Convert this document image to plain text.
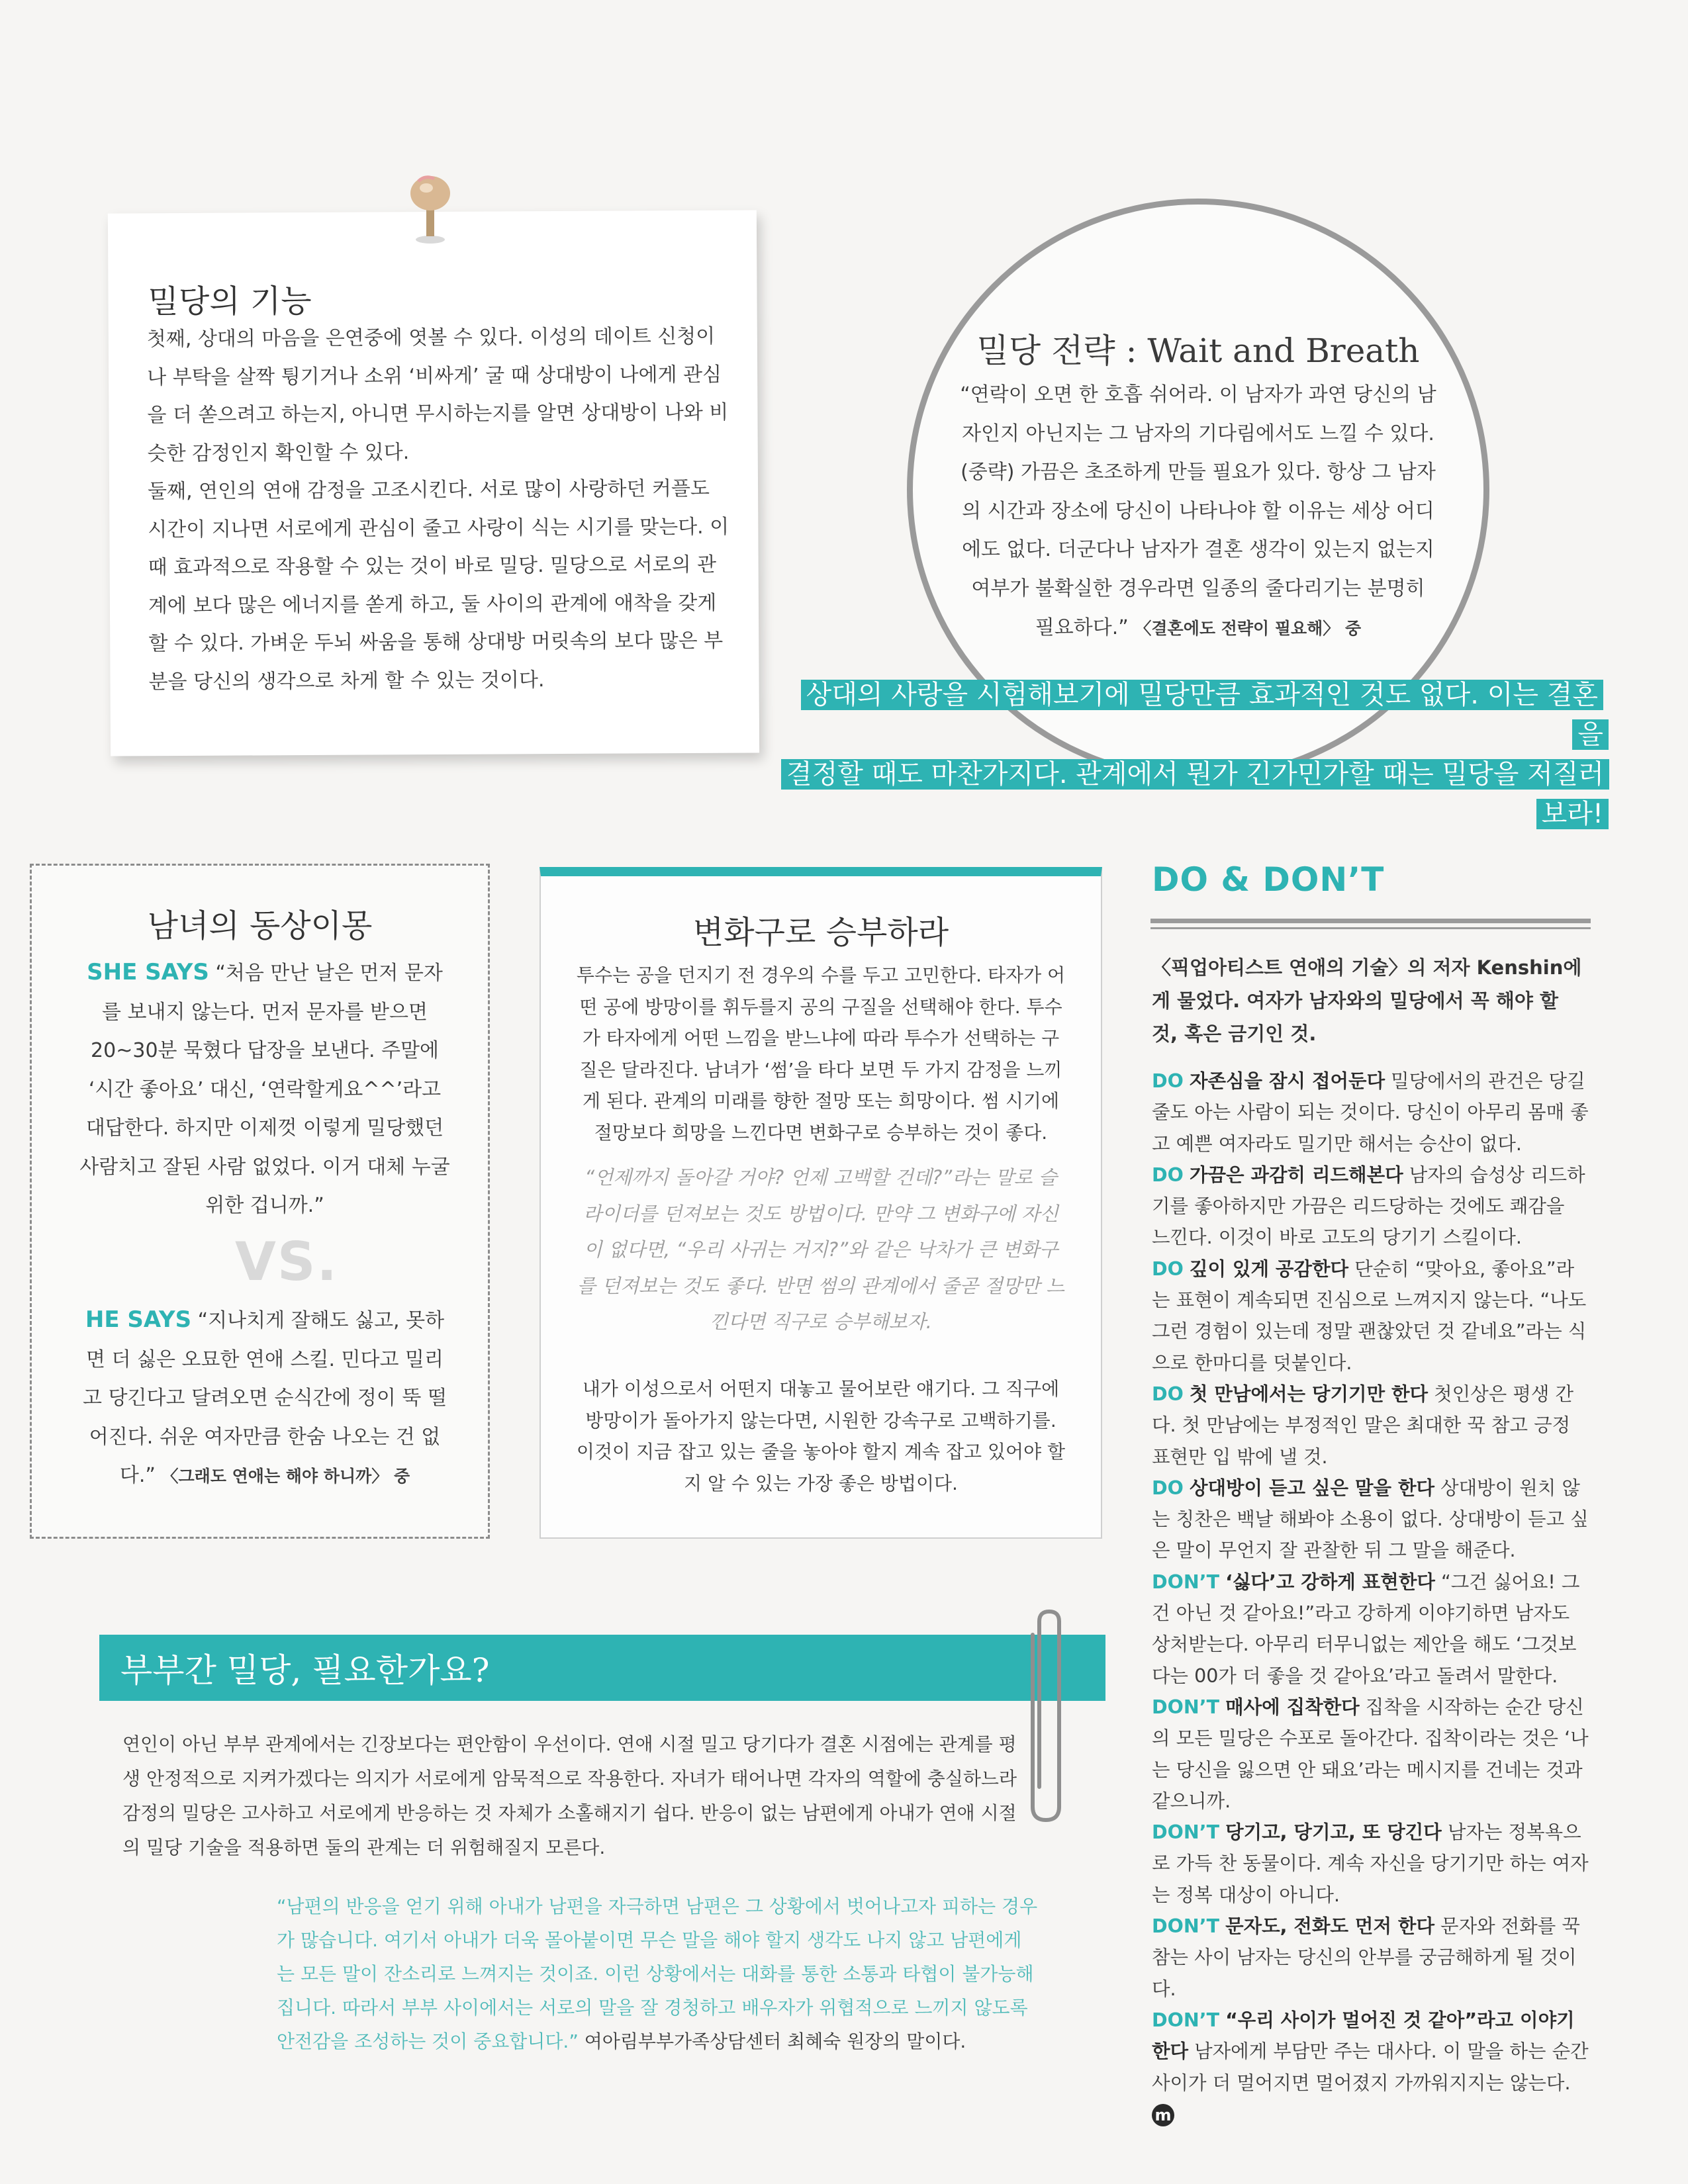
밀당의 기능

첫째, 상대의 마음을 은연중에 엿볼 수 있다. 이성의 데이트 신청이나 부탁을 살짝 튕기거나 소위 ‘비싸게’ 굴 때 상대방이 나에게 관심을 더 쏟으려고 하는지, 아니면 무시하는지를 알면 상대방이 나와 비슷한 감정인지 확인할 수 있다.

둘째, 연인의 연애 감정을 고조시킨다. 서로 많이 사랑하던 커플도 시간이 지나면 서로에게 관심이 줄고 사랑이 식는 시기를 맞는다. 이때 효과적으로 작용할 수 있는 것이 바로 밀당. 밀당으로 서로의 관계에 보다 많은 에너지를 쏟게 하고, 둘 사이의 관계에 애착을 갖게 할 수 있다. 가벼운 두뇌 싸움을 통해 상대방 머릿속의 보다 많은 부분을 당신의 생각으로 차게 할 수 있는 것이다.

밀당 전략 : Wait and Breath
“연락이 오면 한 호흡 쉬어라. 이 남자가 과연 당신의 남자인지 아닌지는 그 남자의 기다림에서도 느낄 수 있다. (중략) 가끔은 초조하게 만들 필요가 있다. 항상 그 남자의 시간과 장소에 당신이 나타나야 할 이유는 세상 어디에도 없다. 더군다나 남자가 결혼 생각이 있는지 없는지 여부가 불확실한 경우라면 일종의 줄다리기는 분명히 필요하다.” 〈결혼에도 전략이 필요해〉 중
상대의 사랑을 시험해보기에 밀당만큼 효과적인 것도 없다. 이는 결혼을
결정할 때도 마찬가지다. 관계에서 뭔가 긴가민가할 때는 밀당을 저질러보라!
남녀의 동상이몽
SHE SAYS “처음 만난 날은 먼저 문자를 보내지 않는다. 먼저 문자를 받으면 20~30분 묵혔다 답장을 보낸다. 주말에 ‘시간 좋아요’ 대신, ‘연락할게요^^’라고 대답한다. 하지만 이제껏 이렇게 밀당했던 사람치고 잘된 사람 없었다. 이거 대체 누굴 위한 겁니까.”
VS.
HE SAYS “지나치게 잘해도 싫고, 못하면 더 싫은 오묘한 연애 스킬. 민다고 밀리고 당긴다고 달려오면 순식간에 정이 뚝 떨어진다. 쉬운 여자만큼 한숨 나오는 건 없다.” 〈그래도 연애는 해야 하니까〉 중
변화구로 승부하라
투수는 공을 던지기 전 경우의 수를 두고 고민한다. 타자가 어떤 공에 방망이를 휘두를지 공의 구질을 선택해야 한다. 투수가 타자에게 어떤 느낌을 받느냐에 따라 투수가 선택하는 구질은 달라진다. 남녀가 ‘썸’을 타다 보면 두 가지 감정을 느끼게 된다. 관계의 미래를 향한 절망 또는 희망이다. 썸 시기에 절망보다 희망을 느낀다면 변화구로 승부하는 것이 좋다.
“언제까지 돌아갈 거야? 언제 고백할 건데?”라는 말로 슬라이더를 던져보는 것도 방법이다. 만약 그 변화구에 자신이 없다면, “우리 사귀는 거지?”와 같은 낙차가 큰 변화구를 던져보는 것도 좋다. 반면 썸의 관계에서 줄곧 절망만 느낀다면 직구로 승부해보자.
내가 이성으로서 어떤지 대놓고 물어보란 얘기다. 그 직구에 방망이가 돌아가지 않는다면, 시원한 강속구로 고백하기를. 이것이 지금 잡고 있는 줄을 놓아야 할지 계속 잡고 있어야 할지 알 수 있는 가장 좋은 방법이다.
부부간 밀당, 필요한가요?
연인이 아닌 부부 관계에서는 긴장보다는 편안함이 우선이다. 연애 시절 밀고 당기다가 결혼 시점에는 관계를 평생 안정적으로 지켜가겠다는 의지가 서로에게 암묵적으로 작용한다. 자녀가 태어나면 각자의 역할에 충실하느라 감정의 밀당은 고사하고 서로에게 반응하는 것 자체가 소홀해지기 쉽다. 반응이 없는 남편에게 아내가 연애 시절의 밀당 기술을 적용하면 둘의 관계는 더 위험해질지 모른다.
“남편의 반응을 얻기 위해 아내가 남편을 자극하면 남편은 그 상황에서 벗어나고자 피하는 경우가 많습니다. 여기서 아내가 더욱 몰아붙이면 무슨 말을 해야 할지 생각도 나지 않고 남편에게는 모든 말이 잔소리로 느껴지는 것이죠. 이런 상황에서는 대화를 통한 소통과 타협이 불가능해집니다. 따라서 부부 사이에서는 서로의 말을 잘 경청하고 배우자가 위협적으로 느끼지 않도록 안전감을 조성하는 것이 중요합니다.” 여아림부부가족상담센터 최혜숙 원장의 말이다.
DO & DON’T
〈픽업아티스트 연애의 기술〉의 저자 Kenshin에게 물었다. 여자가 남자와의 밀당에서 꼭 해야 할 것, 혹은 금기인 것.

DO 자존심을 잠시 접어둔다 밀당에서의 관건은 당길 줄도 아는 사람이 되는 것이다. 당신이 아무리 몸매 좋고 예쁜 여자라도 밀기만 해서는 승산이 없다.

DO 가끔은 과감히 리드해본다 남자의 습성상 리드하기를 좋아하지만 가끔은 리드당하는 것에도 쾌감을 느낀다. 이것이 바로 고도의 당기기 스킬이다.

DO 깊이 있게 공감한다 단순히 “맞아요, 좋아요”라는 표현이 계속되면 진심으로 느껴지지 않는다. “나도 그런 경험이 있는데 정말 괜찮았던 것 같네요”라는 식으로 한마디를 덧붙인다.

DO 첫 만남에서는 당기기만 한다 첫인상은 평생 간다. 첫 만남에는 부정적인 말은 최대한 꾹 참고 긍정 표현만 입 밖에 낼 것.

DO 상대방이 듣고 싶은 말을 한다 상대방이 원치 않는 칭찬은 백날 해봐야 소용이 없다. 상대방이 듣고 싶은 말이 무언지 잘 관찰한 뒤 그 말을 해준다.

DON’T ‘싫다’고 강하게 표현한다 “그건 싫어요! 그건 아닌 것 같아요!”라고 강하게 이야기하면 남자도 상처받는다. 아무리 터무니없는 제안을 해도 ‘그것보다는 00가 더 좋을 것 같아요’라고 돌려서 말한다.

DON’T 매사에 집착한다 집착을 시작하는 순간 당신의 모든 밀당은 수포로 돌아간다. 집착이라는 것은 ‘나는 당신을 잃으면 안 돼요’라는 메시지를 건네는 것과 같으니까.

DON’T 당기고, 당기고, 또 당긴다 남자는 정복욕으로 가득 찬 동물이다. 계속 자신을 당기기만 하는 여자는 정복 대상이 아니다.

DON’T 문자도, 전화도 먼저 한다 문자와 전화를 꾹 참는 사이 남자는 당신의 안부를 궁금해하게 될 것이다.

DON’T “우리 사이가 멀어진 것 같아”라고 이야기한다 남자에게 부담만 주는 대사다. 이 말을 하는 순간 사이가 더 멀어지면 멀어졌지 가까워지지는 않는다. m
